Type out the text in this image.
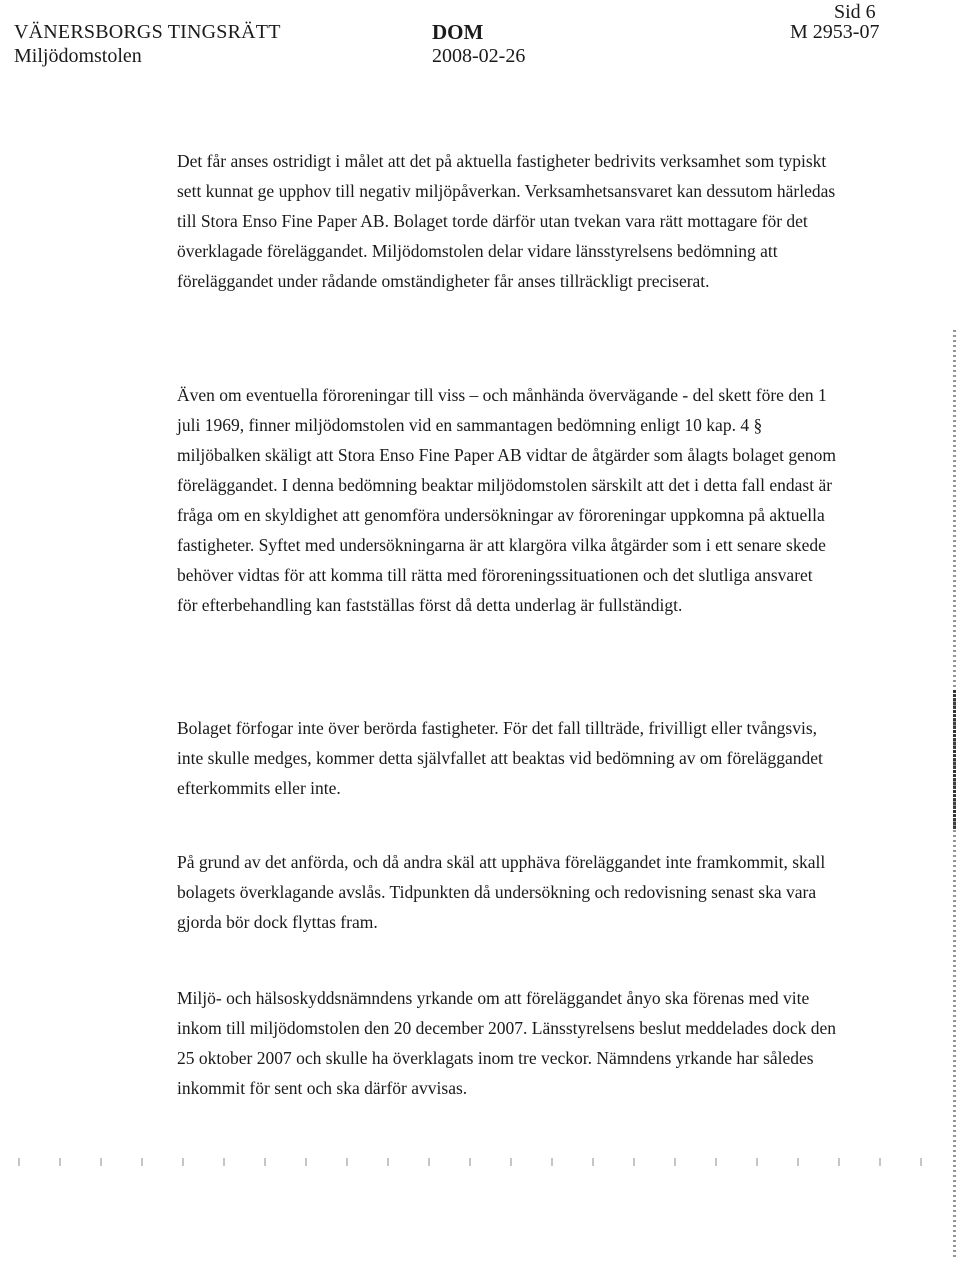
VÄNERSBORGS TINGSRÄTT
Miljödomstolen
DOM
2008-02-26
Sid 6
M 2953-07

Det får anses ostridigt i målet att det på aktuella fastigheter bedrivits verksamhet som typiskt sett kunnat ge upphov till negativ miljöpåverkan. Verksamhetsansvaret kan dessutom härledas till Stora Enso Fine Paper AB. Bolaget torde därför utan tvekan vara rätt mottagare för det överklagade föreläggandet. Miljödomstolen delar vidare länsstyrelsens bedömning att föreläggandet under rådande omständigheter får anses tillräckligt preciserat.

Även om eventuella föroreningar till viss – och månhända övervägande - del skett före den 1 juli 1969, finner miljödomstolen vid en sammantagen bedömning enligt 10 kap. 4 § miljöbalken skäligt att Stora Enso Fine Paper AB vidtar de åtgärder som ålagts bolaget genom föreläggandet. I denna bedömning beaktar miljödomstolen särskilt att det i detta fall endast är fråga om en skyldighet att genomföra undersökningar av föroreningar uppkomna på aktuella fastigheter. Syftet med undersökningarna är att klargöra vilka åtgärder som i ett senare skede behöver vidtas för att komma till rätta med föroreningssituationen och det slutliga ansvaret för efterbehandling kan fastställas först då detta underlag är fullständigt.

Bolaget förfogar inte över berörda fastigheter. För det fall tillträde, frivilligt eller tvångsvis, inte skulle medges, kommer detta självfallet att beaktas vid bedömning av om föreläggandet efterkommits eller inte.

På grund av det anförda, och då andra skäl att upphäva föreläggandet inte framkommit, skall bolagets överklagande avslås. Tidpunkten då undersökning och redovisning senast ska vara gjorda bör dock flyttas fram.

Miljö- och hälsoskyddsnämndens yrkande om att föreläggandet ånyo ska förenas med vite inkom till miljödomstolen den 20 december 2007. Länsstyrelsens beslut meddelades dock den 25 oktober 2007 och skulle ha överklagats inom tre veckor. Nämndens yrkande har således inkommit för sent och ska därför avvisas.
